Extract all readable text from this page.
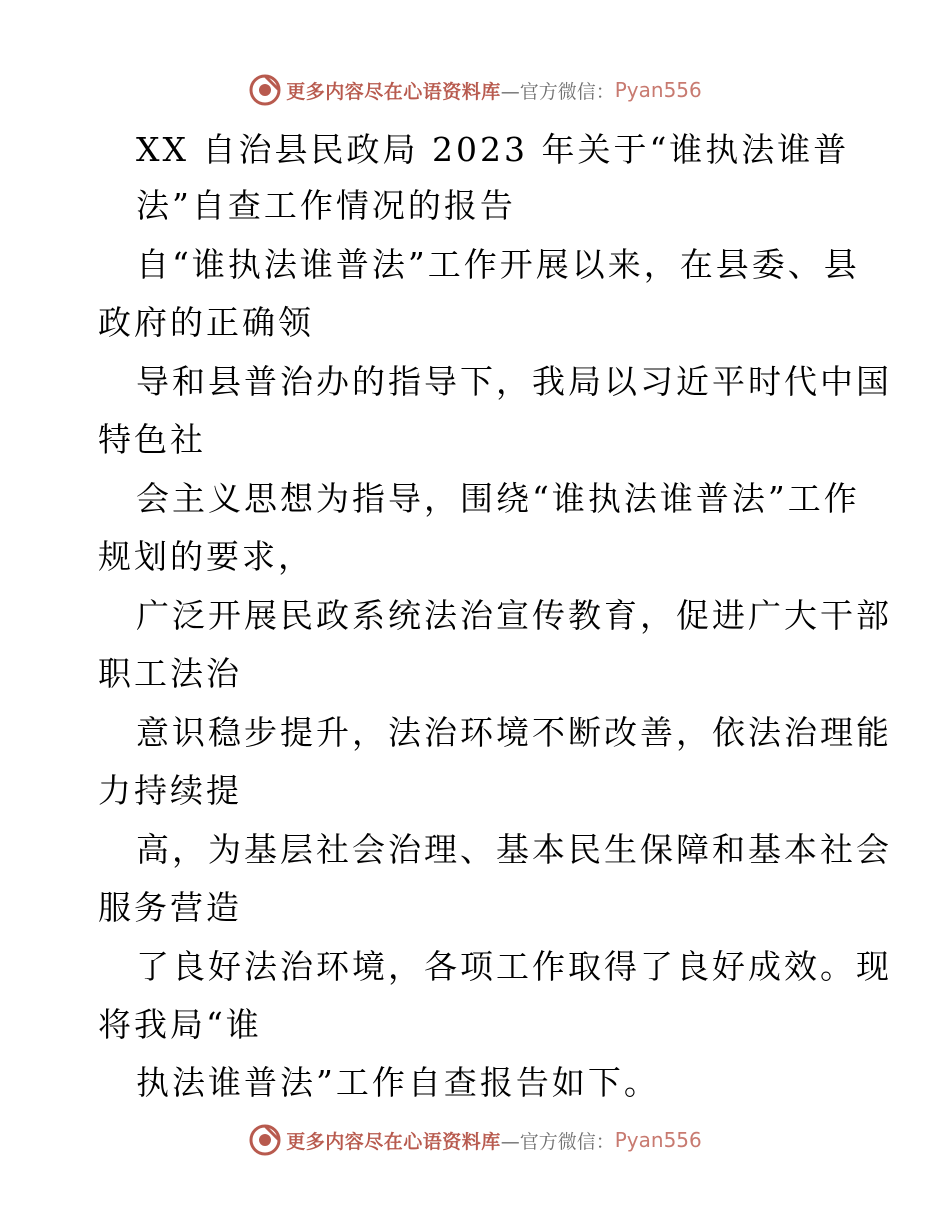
更多内容尽在心语资料库 —官方微信： Pyan556
XX 自治县民政局 2023 年关于“谁执法谁普
法”自查工作情况的报告
自“谁执法谁普法”工作开展以来，在县委、县
政府的正确领
导和县普治办的指导下，我局以习近平时代中国
特色社
会主义思想为指导，围绕“谁执法谁普法”工作
规划的要求，
广泛开展民政系统法治宣传教育，促进广大干部
职工法治
意识稳步提升，法治环境不断改善，依法治理能
力持续提
高，为基层社会治理、基本民生保障和基本社会
服务营造
了良好法治环境，各项工作取得了良好成效。现
将我局“谁
执法谁普法”工作自查报告如下。
更多内容尽在心语资料库 —官方微信： Pyan556
